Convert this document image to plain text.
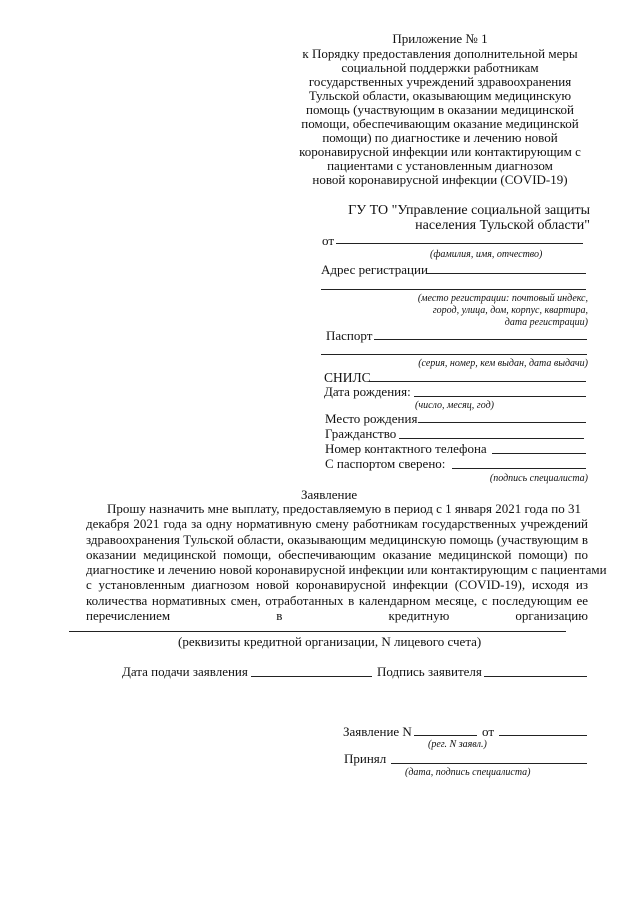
Приложение № 1
к Порядку предоставления дополнительной меры
социальной поддержки работникам
государственных учреждений здравоохранения
Тульской области, оказывающим медицинскую
помощь (участвующим в оказании медицинской
помощи, обеспечивающим оказание медицинской
помощи) по диагностике и лечению новой
коронавирусной инфекции или контактирующим с
пациентами с установленным диагнозом
новой коронавирусной инфекции (COVID-19)
ГУ ТО "Управление социальной защиты
населения Тульской области"
от
(фамилия, имя, отчество)
Адрес регистрации
(место регистрации: почтовый индекс,
город, улица, дом, корпус, квартира,
дата регистрации)
Паспорт
(серия, номер, кем выдан, дата выдачи)
СНИЛС
Дата рождения:
(число, месяц, год)
Место рождения
Гражданство
Номер контактного телефона
С паспортом сверено:
(подпись специалиста)
Заявление
Прошу назначить мне выплату, предоставляемую в период с 1 января 2021 года по 31
декабря 2021 года за одну нормативную смену работникам государственных учреждений
здравоохранения Тульской области, оказывающим медицинскую помощь (участвующим в
оказании медицинской помощи, обеспечивающим оказание медицинской помощи) по
диагностике и лечению новой коронавирусной инфекции или контактирующим с пациентами
с установленным диагнозом новой коронавирусной инфекции (COVID-19), исходя из
количества нормативных смен, отработанных в календарном месяце, с последующим ее
перечислением	в	кредитную	организацию
(реквизиты кредитной организации, N лицевого счета)
Дата подачи заявления	Подпись заявителя
Заявление N	от
(рег. N заявл.)
Принял
(дата, подпись специалиста)
